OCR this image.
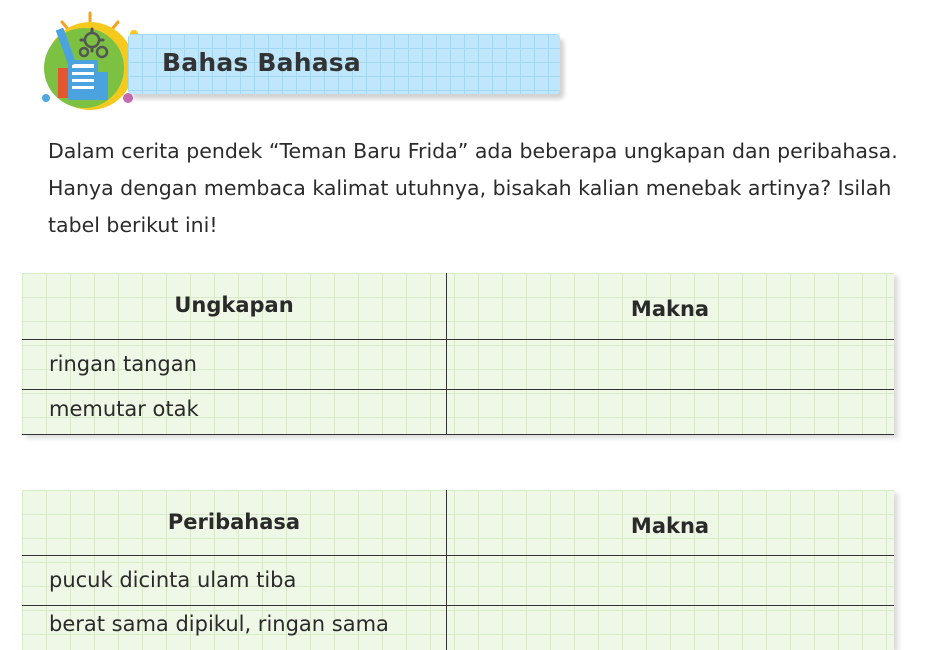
Bahas Bahasa
Dalam cerita pendek “Teman Baru Frida” ada beberapa ungkapan dan peribahasa. Hanya dengan membaca kalimat utuhnya, bisakah kalian menebak artinya? Isilah tabel berikut ini!
Ungkapan	Makna
ringan tangan
memutar otak
Peribahasa	Makna
pucuk dicinta ulam tiba
berat sama dipikul, ringan sama
